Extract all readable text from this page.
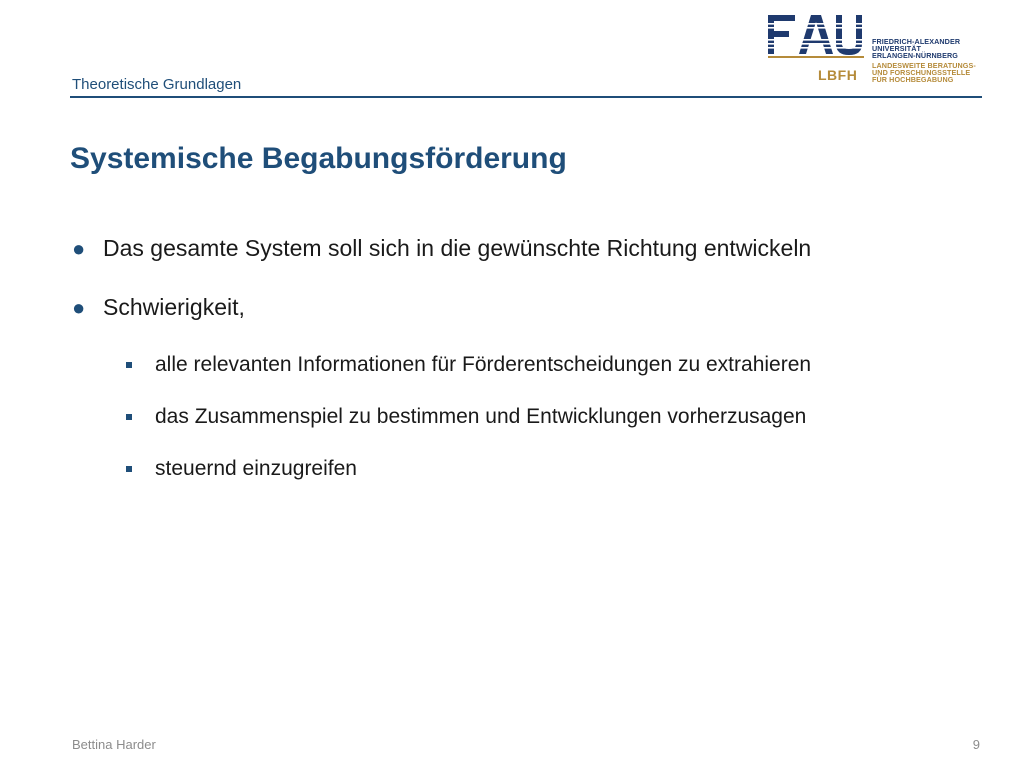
Theoretische Grundlagen
LBFH
FRIEDRICH-ALEXANDER
UNIVERSITÄT
ERLANGEN-NÜRNBERG
LANDESWEITE BERATUNGS-
UND FORSCHUNGSSTELLE
FÜR HOCHBEGABUNG
Systemische Begabungsförderung
● Das gesamte System soll sich in die gewünschte Richtung entwickeln
● Schwierigkeit,
alle relevanten Informationen für Förderentscheidungen zu extrahieren
das Zusammenspiel zu bestimmen und Entwicklungen vorherzusagen
steuernd einzugreifen
Bettina Harder	9
